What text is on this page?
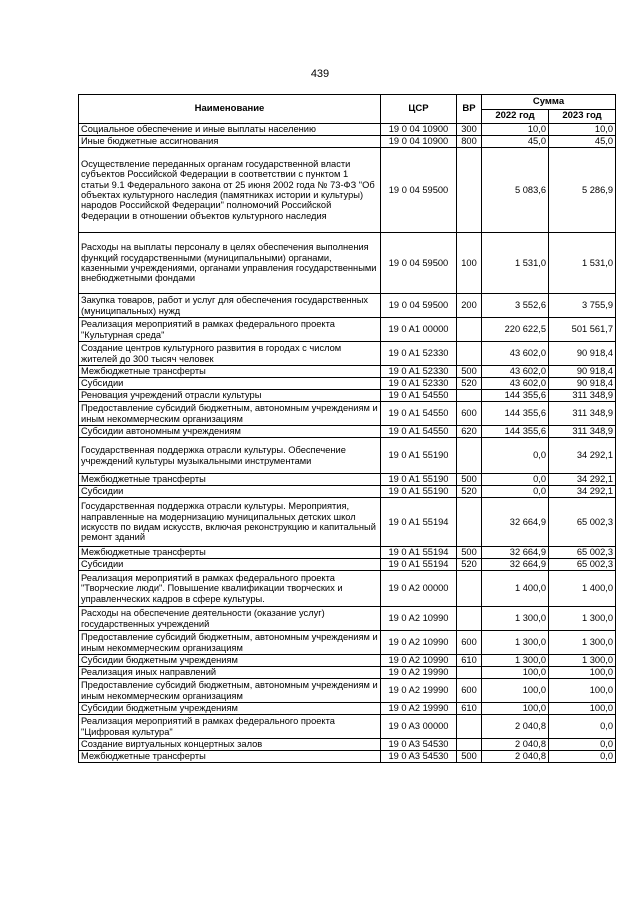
439
Наименование	ЦСР	ВР	Сумма	
			2022 год	2023 год
Социальное обеспечение и иные выплаты населению	19 0 04 10900	300	10,0	10,0
Иные бюджетные ассигнования	19 0 04 10900	800	45,0	45,0
Осуществление переданных органам государственной власти субъектов Российской Федерации в соответствии с пунктом 1 статьи 9.1 Федерального закона от 25 июня 2002 года № 73-ФЗ "Об объектах культурного наследия (памятниках истории и культуры) народов Российской Федерации" полномочий Российской Федерации в отношении объектов культурного наследия	19 0 04 59500		5 083,6	5 286,9
Расходы на выплаты персоналу в целях обеспечения выполнения функций государственными (муниципальными) органами, казенными учреждениями, органами управления государственными внебюджетными фондами	19 0 04 59500	100	1 531,0	1 531,0
Закупка товаров, работ и услуг для обеспечения государственных (муниципальных) нужд	19 0 04 59500	200	3 552,6	3 755,9
Реализация мероприятий в рамках федерального проекта "Культурная среда"	19 0 A1 00000		220 622,5	501 561,7
Создание центров культурного развития в городах с числом жителей до 300 тысяч человек	19 0 A1 52330		43 602,0	90 918,4
Межбюджетные трансферты	19 0 A1 52330	500	43 602,0	90 918,4
Субсидии	19 0 A1 52330	520	43 602,0	90 918,4
Реновация учреждений отрасли культуры	19 0 A1 54550		144 355,6	311 348,9
Предоставление субсидий бюджетным, автономным учреждениям и иным некоммерческим организациям	19 0 A1 54550	600	144 355,6	311 348,9
Субсидии автономным учреждениям	19 0 A1 54550	620	144 355,6	311 348,9
Государственная поддержка отрасли культуры. Обеспечение учреждений культуры музыкальными инструментами	19 0 A1 55190		0,0	34 292,1
Межбюджетные трансферты	19 0 A1 55190	500	0,0	34 292,1
Субсидии	19 0 A1 55190	520	0,0	34 292,1
Государственная поддержка отрасли культуры. Мероприятия, направленные на модернизацию муниципальных детских школ искусств по видам искусств, включая реконструкцию и капитальный ремонт зданий	19 0 A1 55194		32 664,9	65 002,3
Межбюджетные трансферты	19 0 A1 55194	500	32 664,9	65 002,3
Субсидии	19 0 A1 55194	520	32 664,9	65 002,3
Реализация мероприятий в рамках федерального проекта "Творческие люди". Повышение квалификации творческих и управленческих кадров в сфере культуры.	19 0 A2 00000		1 400,0	1 400,0
Расходы на обеспечение деятельности (оказание услуг) государственных учреждений	19 0 A2 10990		1 300,0	1 300,0
Предоставление субсидий бюджетным, автономным учреждениям и иным некоммерческим организациям	19 0 A2 10990	600	1 300,0	1 300,0
Субсидии бюджетным учреждениям	19 0 A2 10990	610	1 300,0	1 300,0
Реализация иных направлений	19 0 A2 19990		100,0	100,0
Предоставление субсидий бюджетным, автономным учреждениям и иным некоммерческим организациям	19 0 A2 19990	600	100,0	100,0
Субсидии бюджетным учреждениям	19 0 A2 19990	610	100,0	100,0
Реализация мероприятий в рамках федерального проекта "Цифровая культура"	19 0 A3 00000		2 040,8	0,0
Создание виртуальных концертных залов	19 0 A3 54530		2 040,8	0,0
Межбюджетные трансферты	19 0 A3 54530	500	2 040,8	0,0
